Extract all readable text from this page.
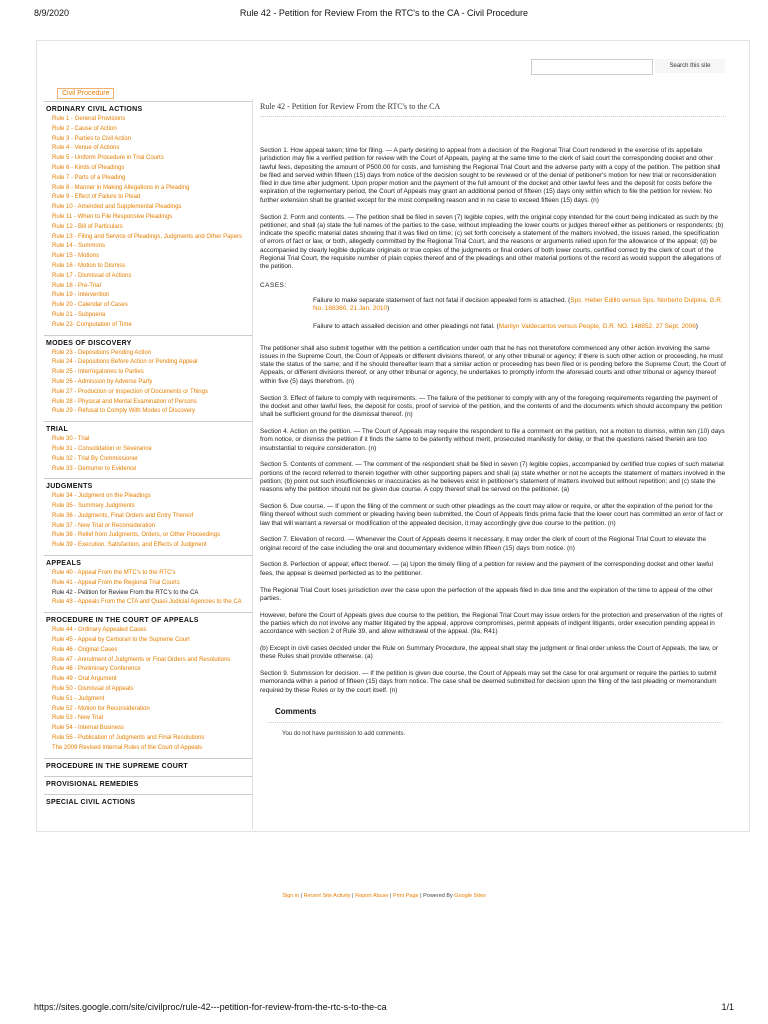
8/9/2020	Rule 42 - Petition for Review From the RTC's to the CA - Civil Procedure
Search this site
Civil Procedure
ORDINARY CIVIL ACTIONS
Rule 1 - General Provisions
Rule 2 - Cause of Action
Rule 3 - Parties to Civil Action
Rule 4 - Venue of Actions
Rule 5 - Uniform Procedure in Trial Courts
Rule 6 - Kinds of Pleadings
Rule 7 - Parts of a Pleading
Rule 8 - Manner in Making Allegations in a Pleading
Rule 9 - Effect of Failure to Plead
Rule 10 - Amended and Supplemental Pleadings
Rule 11 - When to File Responsive Pleadings
Rule 12 - Bill of Particulars
Rule 13 - Filing and Service of Pleadings, Judgments and Other Papers
Rule 14 - Summons
Rule 15 - Motions
Rule 16 - Motion to Dismiss
Rule 17 - Dismissal of Actions
Rule 18 - Pre-Trial
Rule 19 - Intervention
Rule 20 - Calendar of Cases
Rule 21 - Subpoena
Rule 22- Computation of Time
MODES OF DISCOVERY
Rule 23 - Depositions Pending Action
Rule 24 - Depositions Before Action or Pending Appeal
Rule 25 - Interrogatories to Parties
Rule 26 - Admission by Adverse Party
Rule 27 - Production or Inspection of Documents or Things
Rule 28 - Physical and Mental Examination of Persons
Rule 29 - Refusal to Comply With Modes of Discovery
TRIAL
Rule 30 - Trial
Rule 31 - Consolidation or Severance
Rule 32 - Trial By Commissioner
Rule 33 - Demurrer to Evidence
JUDGMENTS
Rule 34 - Judgment on the Pleadings
Rule 35 - Summary Judgments
Rule 36 - Judgments, Final Orders and Entry Thereof
Rule 37 - New Trial or Reconsideration
Rule 38 - Relief from Judgments, Orders, or Other Proceedings
Rule 39 - Execution, Satisfaction, and Effects of Judgment
APPEALS
Rule 40 - Appeal From the MTC's to the RTC's
Rule 41 - Appeal From the Regional Trial Courts
Rule 42 - Petition for Review From the RTC's to the CA
Rule 43 - Appeals From the CTA and Quasi-Judicial Agencies to the CA
PROCEDURE IN THE COURT OF APPEALS
Rule 44 - Ordinary Appealed Cases
Rule 45 - Appeal by Certiorari to the Supreme Court
Rule 46 - Original Cases
Rule 47 - Annulment of Judgments or Final Orders and Resolutions
Rule 48 - Preliminary Conference
Rule 49 - Oral Argument
Rule 50 - Dismissal of Appeals
Rule 51 - Judgment
Rule 52 - Motion for Reconsideration
Rule 53 - New Trial
Rule 54 - Internal Business
Rule 55 - Publication of Judgments and Final Resolutions
The 2009 Revised Internal Rules of the Court of Appeals
PROCEDURE IN THE SUPREME COURT
PROVISIONAL REMEDIES
SPECIAL CIVIL ACTIONS
Rule 42 - Petition for Review From the RTC's to the CA

Section 1. How appeal taken; time for filing. — A party desiring to appeal from a decision of the Regional Trial Court rendered in the exercise of its appellate jurisdiction may file a verified petition for review with the Court of Appeals, paying at the same time to the clerk of said court the corresponding docket and other lawful fees, depositing the amount of P500.00 for costs, and furnishing the Regional Trial Court and the adverse party with a copy of the petition. The petition shall be filed and served within fifteen (15) days from notice of the decision sought to be reviewed or of the denial of petitioner's motion for new trial or reconsideration filed in due time after judgment. Upon proper motion and the payment of the full amount of the docket and other lawful fees and the deposit for costs before the expiration of the reglementary period, the Court of Appeals may grant an additional period of fifteen (15) days only within which to file the petition for review. No further extension shall be granted except for the most compelling reason and in no case to exceed fifteen (15) days. (n)

Section 2. Form and contents. — The petition shall be filed in seven (7) legible copies, with the original copy intended for the court being indicated as such by the petitioner, and shall (a) state the full names of the parties to the case, without impleading the lower courts or judges thereof either as petitioners or respondents; (b) indicate the specific material dates showing that it was filed on time; (c) set forth concisely a statement of the matters involved, the issues raised, the specification of errors of fact or law, or both, allegedly committed by the Regional Trial Court, and the reasons or arguments relied upon for the allowance of the appeal; (d) be accompanied by clearly legible duplicate originals or true copies of the judgments or final orders of both lower courts, certified correct by the clerk of court of the Regional Trial Court, the requisite number of plain copies thereof and of the pleadings and other material portions of the record as would support the allegations of the petition.

CASES:
Failure to make separate statement of fact not fatal if decision appealed form is attached. (Sps. Heber Edillo versus Sps. Norberto Dulpina, G.R. No. 188360, 21 Jan. 2010)
Failure to attach assailed decision and other pleadings not fatal. (Marilyn Valdecantos versus People, G.R. NO. 148852, 27 Sept. 2006)

The petitioner shall also submit together with the petition a certification under oath that he has not theretofore commenced any other action involving the same issues in the Supreme Court, the Court of Appeals or different divisions thereof, or any other tribunal or agency; if there is such other action or proceeding, he must state the status of the same; and if he should thereafter learn that a similar action or proceeding has been filed or is pending before the Supreme Court, the Court of Appeals, or different divisions thereof, or any other tribunal or agency, he undertakes to promptly inform the aforesaid courts and other tribunal or agency thereof within five (5) days therefrom. (n)

Section 3. Effect of failure to comply with requirements. — The failure of the petitioner to comply with any of the foregoing requirements regarding the payment of the docket and other lawful fees, the deposit for costs, proof of service of the petition, and the contents of and the documents which should accompany the petition shall be sufficient ground for the dismissal thereof. (n)

Section 4. Action on the petition. — The Court of Appeals may require the respondent to file a comment on the petition, not a motion to dismiss, within ten (10) days from notice, or dismiss the petition if it finds the same to be patently without merit, prosecuted manifestly for delay, or that the questions raised therein are too insubstantial to require consideration. (n)

Section 5. Contents of comment. — The comment of the respondent shall be filed in seven (7) legible copies, accompanied by certified true copies of such material portions of the record referred to therein together with other supporting papers and shall (a) state whether or not he accepts the statement of matters involved in the petition; (b) point out such insufficiencies or inaccuracies as he believes exist in petitioner's statement of matters involved but without repetition; and (c) state the reasons why the petition should not be given due course. A copy thereof shall be served on the petitioner. (a)

Section 6. Due course. — If upon the filing of the comment or such other pleadings as the court may allow or require, or after the expiration of the period for the filing thereof without such comment or pleading having been submitted, the Court of Appeals finds prima facie that the lower court has committed an error of fact or law that will warrant a reversal or modification of the appealed decision, it may accordingly give due course to the petition. (n)

Section 7. Elevation of record. — Whenever the Court of Appeals deems it necessary, it may order the clerk of court of the Regional Trial Court to elevate the original record of the case including the oral and documentary evidence within fifteen (15) days from notice. (n)

Section 8. Perfection of appeal; effect thereof. — (a) Upon the timely filing of a petition for review and the payment of the corresponding docket and other lawful fees, the appeal is deemed perfected as to the petitioner.

The Regional Trial Court loses jurisdiction over the case upon the perfection of the appeals filed in due time and the expiration of the time to appeal of the other parties.

However, before the Court of Appeals gives due course to the petition, the Regional Trial Court may issue orders for the protection and preservation of the rights of the parties which do not involve any matter litigated by the appeal, approve compromises, permit appeals of indigent litigants, order execution pending appeal in accordance with section 2 of Rule 39, and allow withdrawal of the appeal. (9a, R41)

(b) Except in civil cases decided under the Rule on Summary Procedure, the appeal shall stay the judgment or final order unless the Court of Appeals, the law, or these Rules shall provide otherwise. (a)

Section 9. Submission for decision. — If the petition is given due course, the Court of Appeals may set the case for oral argument or require the parties to submit memoranda within a period of fifteen (15) days from notice. The case shall be deemed submitted for decision upon the filing of the last pleading or memorandum required by these Rules or by the court itself. (n)

Comments
You do not have permission to add comments.
Sign in | Recent Site Activity | Report Abuse | Print Page | Powered By Google Sites
https://sites.google.com/site/civilproc/rule-42---petition-for-review-from-the-rtc-s-to-the-ca	1/1
